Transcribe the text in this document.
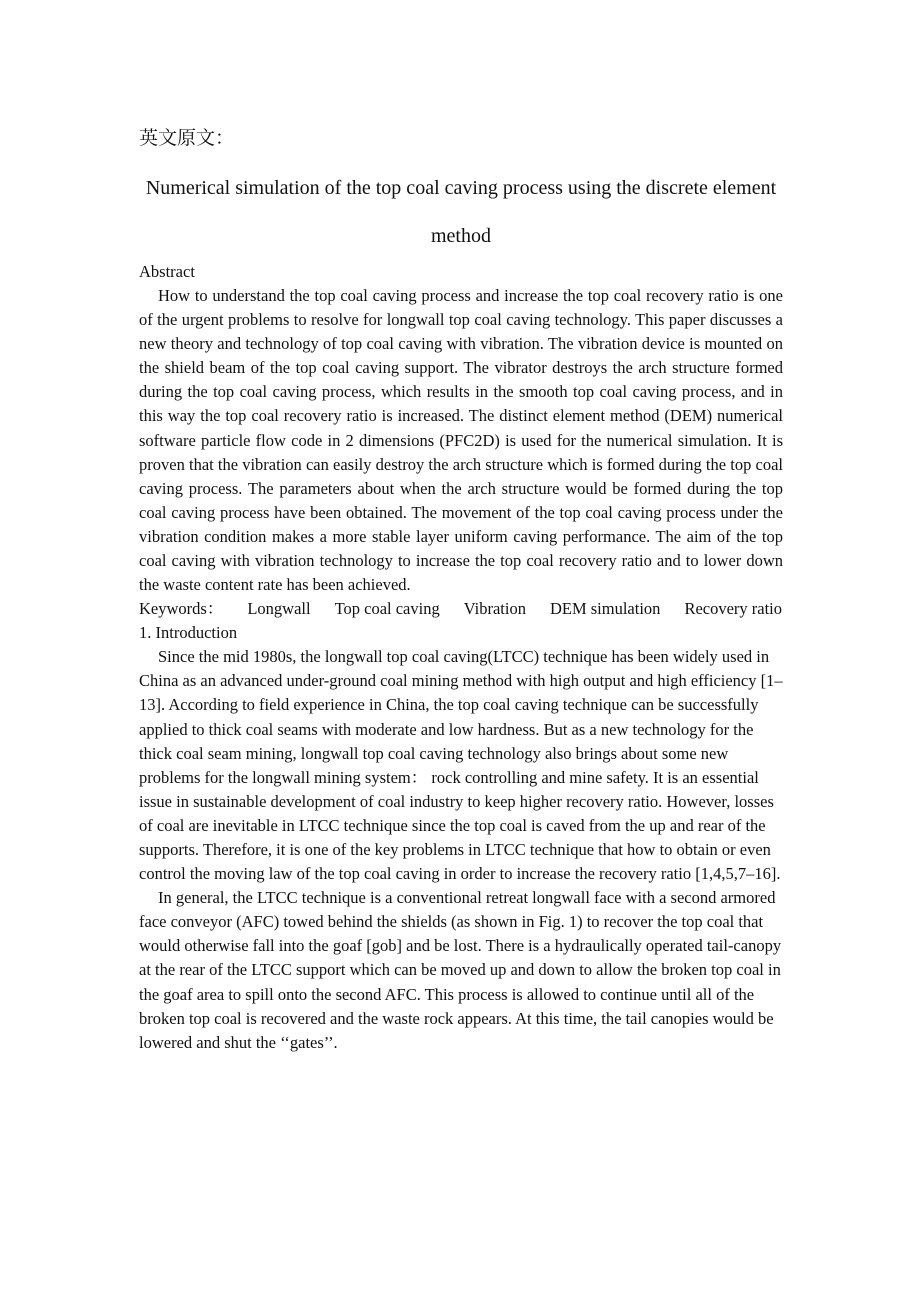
英文原文：

Numerical simulation of the top coal caving process using the discrete element method

Abstract

How to understand the top coal caving process and increase the top coal recovery ratio is one of the urgent problems to resolve for longwall top coal caving technology. This paper discusses a new theory and technology of top coal caving with vibration. The vibration device is mounted on the shield beam of the top coal caving support. The vibrator destroys the arch structure formed during the top coal caving process, which results in the smooth top coal caving process, and in this way the top coal recovery ratio is increased. The distinct element method (DEM) numerical software particle flow code in 2 dimensions (PFC2D) is used for the numerical simulation. It is proven that the vibration can easily destroy the arch structure which is formed during the top coal caving process. The parameters about when the arch structure would be formed during the top coal caving process have been obtained. The movement of the top coal caving process under the vibration condition makes a more stable layer uniform caving performance. The aim of the top coal caving with vibration technology to increase the top coal recovery ratio and to lower down the waste content rate has been achieved.

Keywords： Longwall Top coal caving Vibration DEM simulation Recovery ratio

1. Introduction

Since the mid 1980s, the longwall top coal caving(LTCC) technique has been widely used in China as an advanced under-ground coal mining method with high output and high efficiency [1–13]. According to field experience in China, the top coal caving technique can be successfully applied to thick coal seams with moderate and low hardness. But as a new technology for the thick coal seam mining, longwall top coal caving technology also brings about some new problems for the longwall mining system： rock controlling and mine safety. It is an essential issue in sustainable development of coal industry to keep higher recovery ratio. However, losses of coal are inevitable in LTCC technique since the top coal is caved from the up and rear of the supports. Therefore, it is one of the key problems in LTCC technique that how to obtain or even control the moving law of the top coal caving in order to increase the recovery ratio [1,4,5,7–16].

In general, the LTCC technique is a conventional retreat longwall face with a second armored face conveyor (AFC) towed behind the shields (as shown in Fig. 1) to recover the top coal that would otherwise fall into the goaf [gob] and be lost. There is a hydraulically operated tail-canopy at the rear of the LTCC support which can be moved up and down to allow the broken top coal in the goaf area to spill onto the second AFC. This process is allowed to continue until all of the broken top coal is recovered and the waste rock appears. At this time, the tail canopies would be lowered and shut the ‘‘gates’’.
